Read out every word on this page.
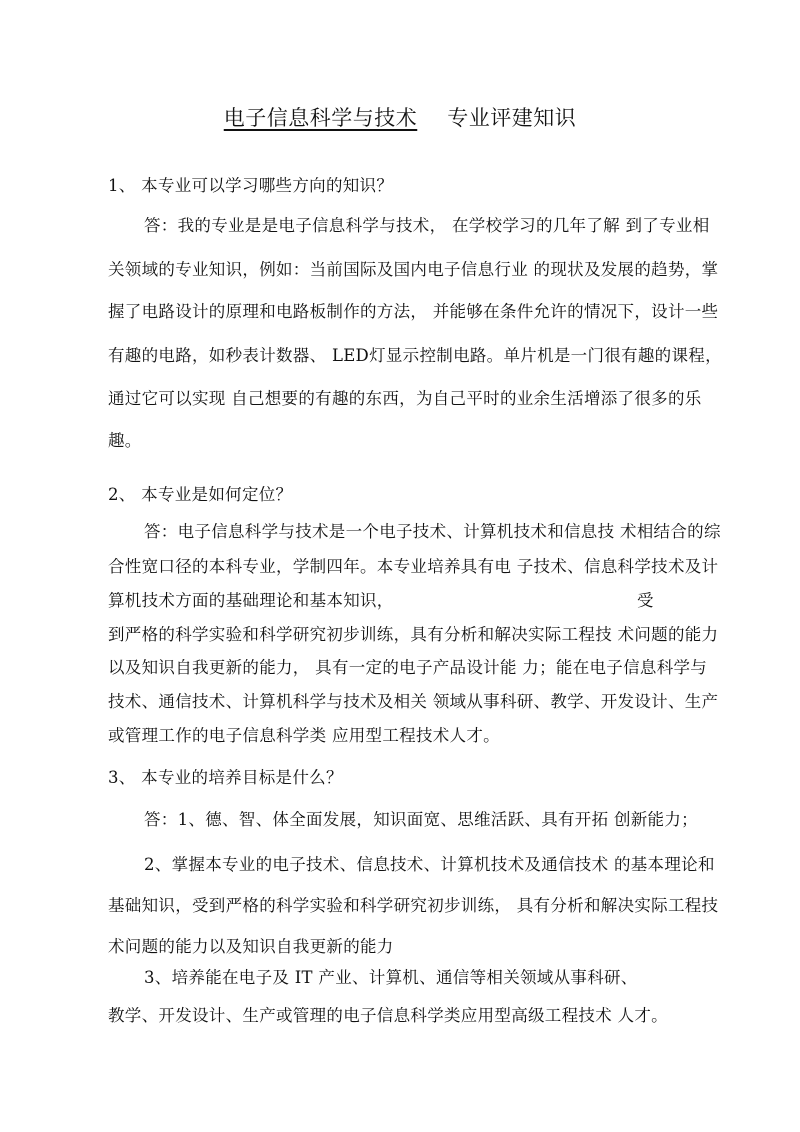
电子信息科学与技术 专业评建知识
1、 本专业可以学习哪些方向的知识？
答：我的专业是是电子信息科学与技术， 在学校学习的几年了解 到了专业相
关领域的专业知识，例如：当前国际及国内电子信息行业 的现状及发展的趋势，掌
握了电路设计的原理和电路板制作的方法， 并能够在条件允许的情况下，设计一些
有趣的电路，如秒表计数器、 LED灯显示控制电路。单片机是一门很有趣的课程，
通过它可以实现 自己想要的有趣的东西，为自己平时的业余生活增添了很多的乐
趣。
2、 本专业是如何定位？
答：电子信息科学与技术是一个电子技术、计算机技术和信息技 术相结合的综
合性宽口径的本科专业，学制四年。本专业培养具有电 子技术、信息科学技术及计
算机技术方面的基础理论和基本知识，	受
到严格的科学实验和科学研究初步训练，具有分析和解决实际工程技 术问题的能力
以及知识自我更新的能力， 具有一定的电子产品设计能 力；能在电子信息科学与
技术、通信技术、计算机科学与技术及相关 领域从事科研、教学、开发设计、生产
或管理工作的电子信息科学类 应用型工程技术人才。
3、 本专业的培养目标是什么？
答：1、德、智、体全面发展，知识面宽、思维活跃、具有开拓 创新能力；
2、掌握本专业的电子技术、信息技术、计算机技术及通信技术 的基本理论和
基础知识，受到严格的科学实验和科学研究初步训练， 具有分析和解决实际工程技
术问题的能力以及知识自我更新的能力
3、培养能在电子及 IT 产业、计算机、通信等相关领域从事科研、
教学、开发设计、生产或管理的电子信息科学类应用型高级工程技术 人才。
